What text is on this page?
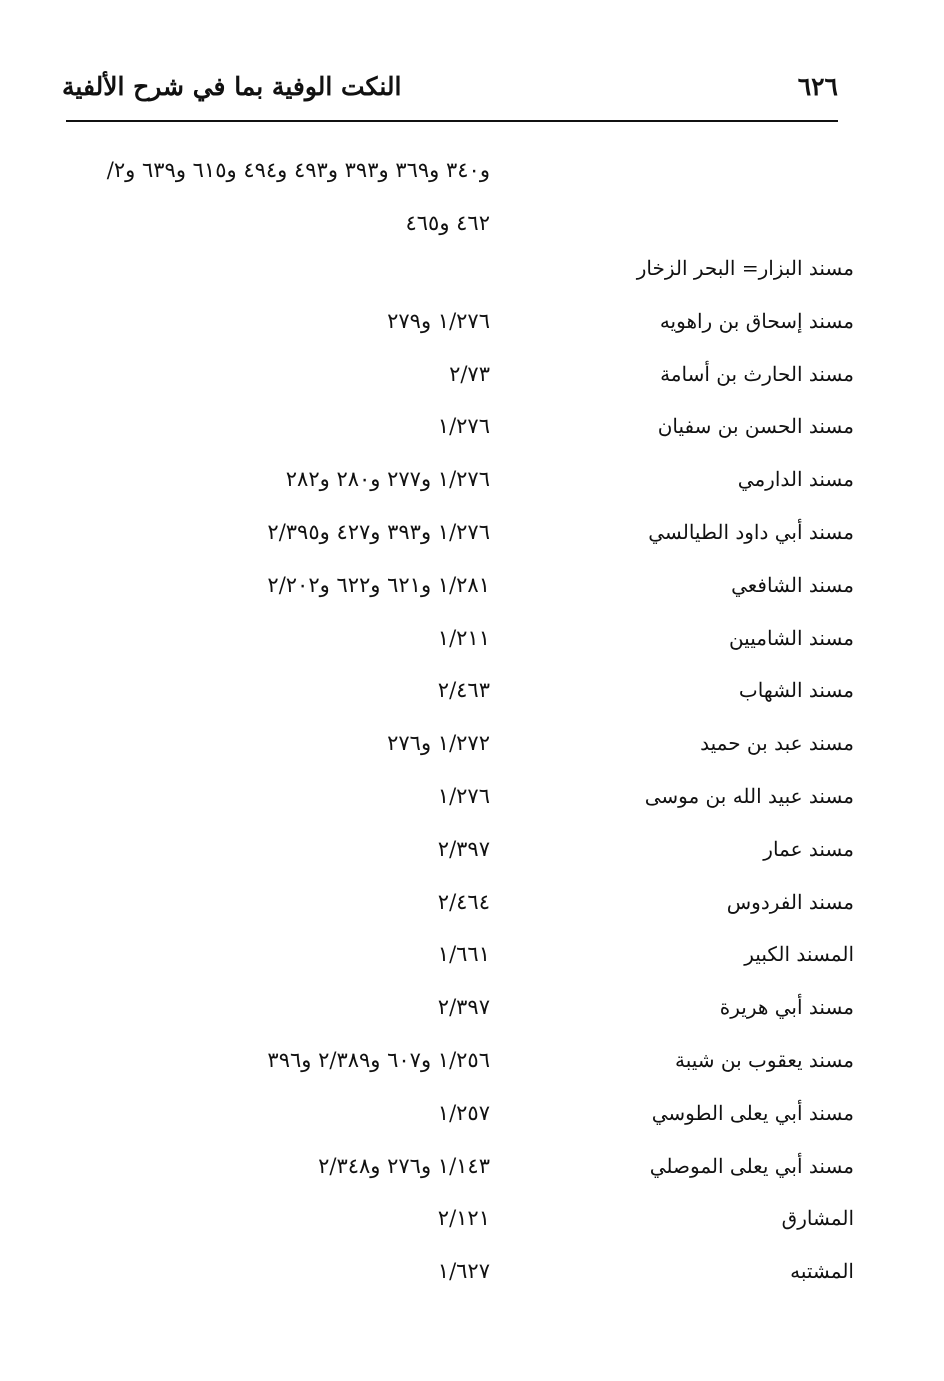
٦٢٦
النكت الوفية بما في شرح الألفية
و٣٤٠ و٣٦٩ و٣٩٣ و٤٩٣ و٤٩٤ و٦١٥ و٦٣٩ و٢/
٤٦٢ و٤٦٥
مسند البزار= البحر الزخار
مسند إسحاق بن راهويه
١/٢٧٦ و٢٧٩
مسند الحارث بن أسامة
٢/٧٣
مسند الحسن بن سفيان
١/٢٧٦
مسند الدارمي
١/٢٧٦ و٢٧٧ و٢٨٠ و٢٨٢
مسند أبي داود الطيالسي
١/٢٧٦ و٣٩٣ و٤٢٧ و٢/٣٩٥
مسند الشافعي
١/٢٨١ و٦٢١ و٦٢٢ و٢/٢٠٢
مسند الشاميين
١/٢١١
مسند الشهاب
٢/٤٦٣
مسند عبد بن حميد
١/٢٧٢ و٢٧٦
مسند عبيد الله بن موسى
١/٢٧٦
مسند عمار
٢/٣٩٧
مسند الفردوس
٢/٤٦٤
المسند الكبير
١/٦٦١
مسند أبي هريرة
٢/٣٩٧
مسند يعقوب بن شيبة
١/٢٥٦ و٦٠٧ و٢/٣٨٩ و٣٩٦
مسند أبي يعلى الطوسي
١/٢٥٧
مسند أبي يعلى الموصلي
١/١٤٣ و٢٧٦ و٢/٣٤٨
المشارق
٢/١٢١
المشتبه
١/٦٢٧
